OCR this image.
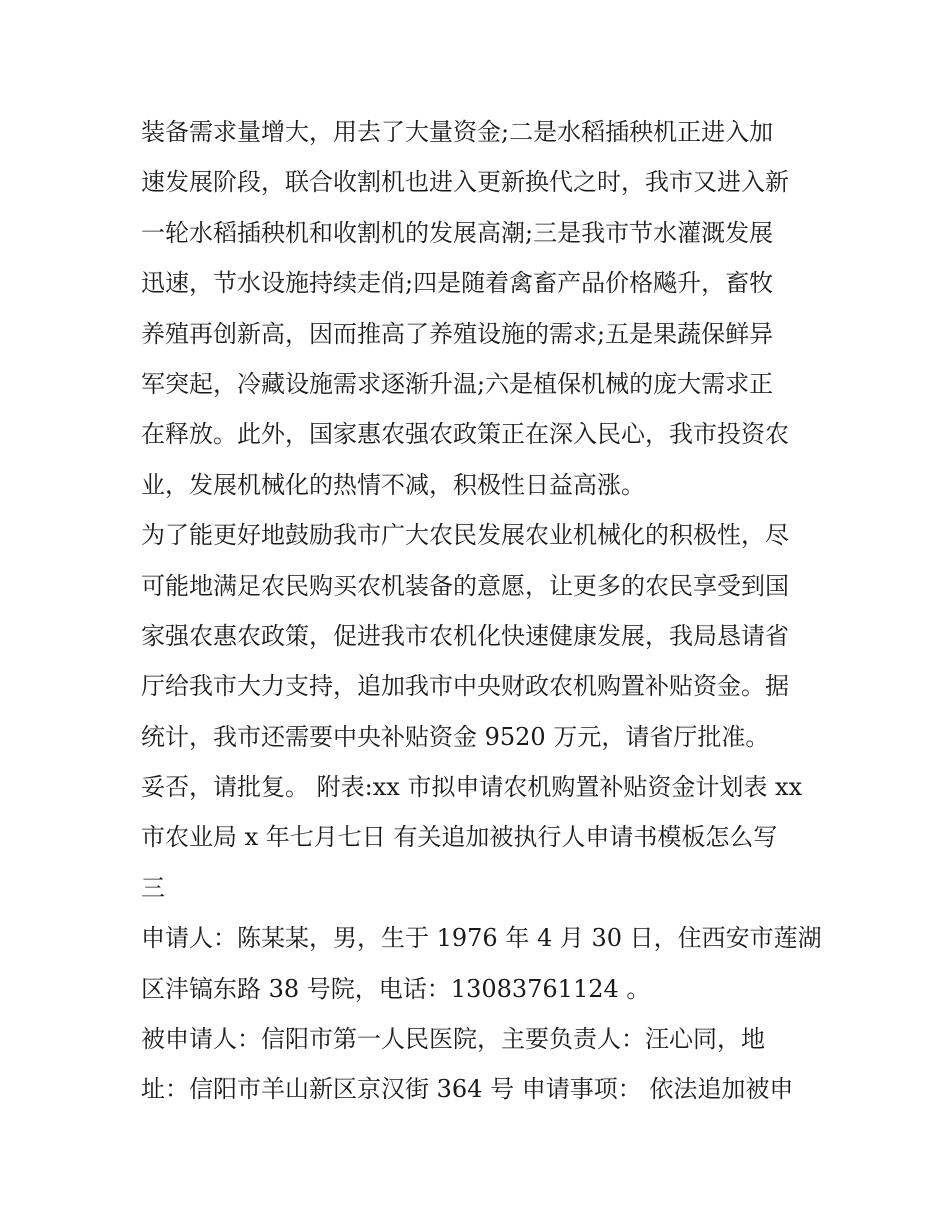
装备需求量增大，用去了大量资金;二是水稻插秧机正进入加
速发展阶段，联合收割机也进入更新换代之时，我市又进入新
一轮水稻插秧机和收割机的发展高潮;三是我市节水灌溉发展
迅速，节水设施持续走俏;四是随着禽畜产品价格飚升，畜牧
养殖再创新高，因而推高了养殖设施的需求;五是果蔬保鲜异
军突起，冷藏设施需求逐渐升温;六是植保机械的庞大需求正
在释放。此外，国家惠农强农政策正在深入民心，我市投资农
业，发展机械化的热情不减，积极性日益高涨。
为了能更好地鼓励我市广大农民发展农业机械化的积极性，尽
可能地满足农民购买农机装备的意愿，让更多的农民享受到国
家强农惠农政策，促进我市农机化快速健康发展，我局恳请省
厅给我市大力支持，追加我市中央财政农机购置补贴资金。据
统计，我市还需要中央补贴资金 9520 万元，请省厅批准。
妥否，请批复。 附表:xx 市拟申请农机购置补贴资金计划表 xx
市农业局 x 年七月七日 有关追加被执行人申请书模板怎么写
三
申请人：陈某某，男，生于 1976 年 4 月 30 日，住西安市莲湖
区沣镐东路 38 号院，电话：13083761124 。
被申请人：信阳市第一人民医院，主要负责人：汪心同，地
址：信阳市羊山新区京汉街 364 号 申请事项： 依法追加被申
